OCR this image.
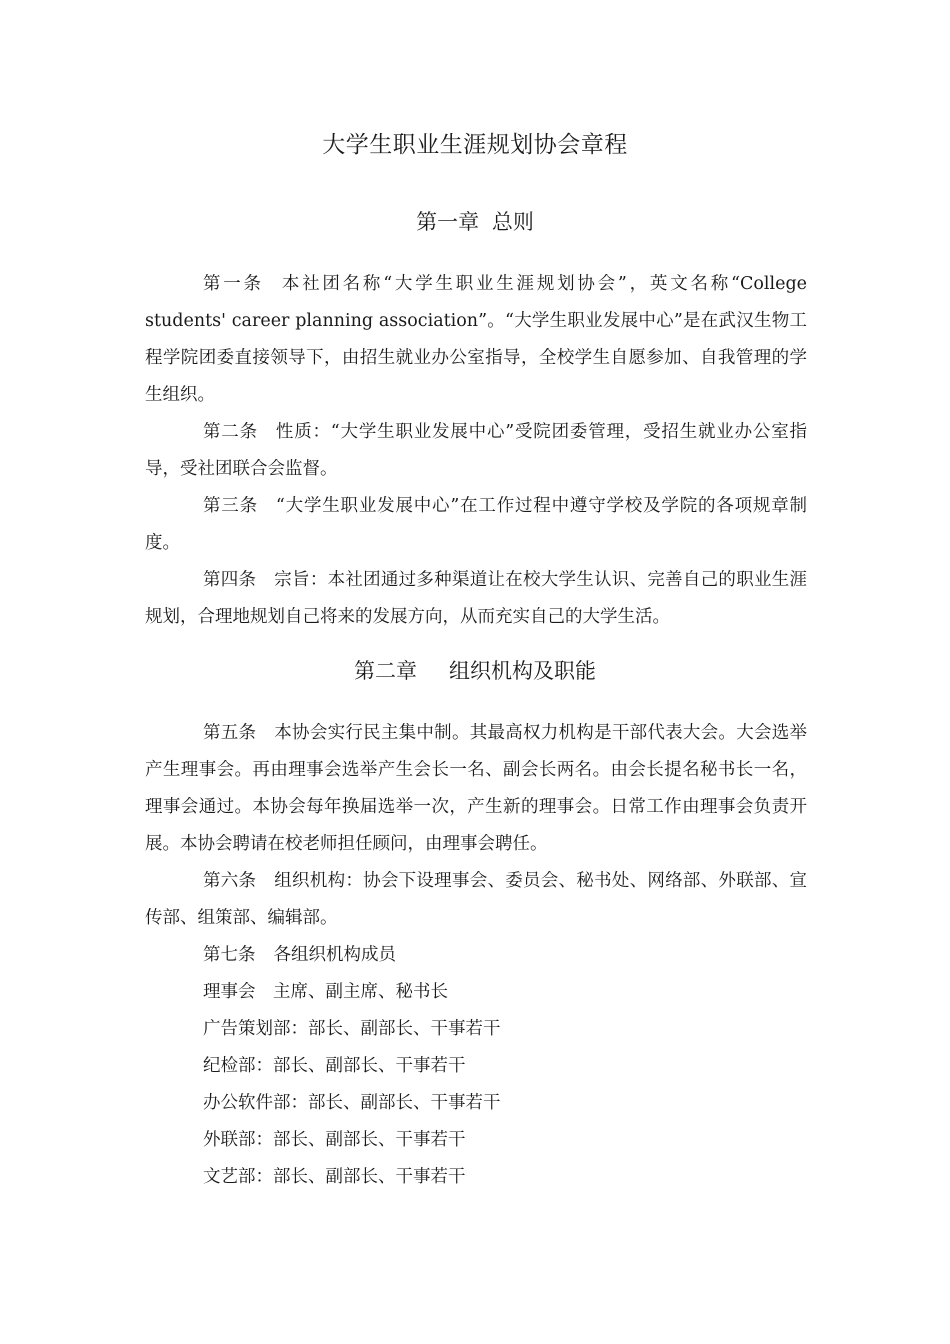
大学生职业生涯规划协会章程
第一章 总则

第一条 本社团名称“大学生职业生涯规划协会”，英文名称“College students' career planning association”。“大学生职业发展中心”是在武汉生物工程学院团委直接领导下，由招生就业办公室指导，全校学生自愿参加、自我管理的学生组织。

第二条 性质：“大学生职业发展中心”受院团委管理，受招生就业办公室指导，受社团联合会监督。

第三条 “大学生职业发展中心”在工作过程中遵守学校及学院的各项规章制度。

第四条 宗旨：本社团通过多种渠道让在校大学生认识、完善自己的职业生涯规划，合理地规划自己将来的发展方向，从而充实自己的大学生活。

第二章 组织机构及职能

第五条 本协会实行民主集中制。其最高权力机构是干部代表大会。大会选举产生理事会。再由理事会选举产生会长一名、副会长两名。由会长提名秘书长一名，理事会通过。本协会每年换届选举一次，产生新的理事会。日常工作由理事会负责开展。本协会聘请在校老师担任顾问，由理事会聘任。

第六条 组织机构：协会下设理事会、委员会、秘书处、网络部、外联部、宣传部、组策部、编辑部。

第七条 各组织机构成员

理事会　主席、副主席、秘书长

广告策划部：部长、副部长、干事若干

纪检部：部长、副部长、干事若干

办公软件部：部长、副部长、干事若干

外联部：部长、副部长、干事若干

文艺部：部长、副部长、干事若干
